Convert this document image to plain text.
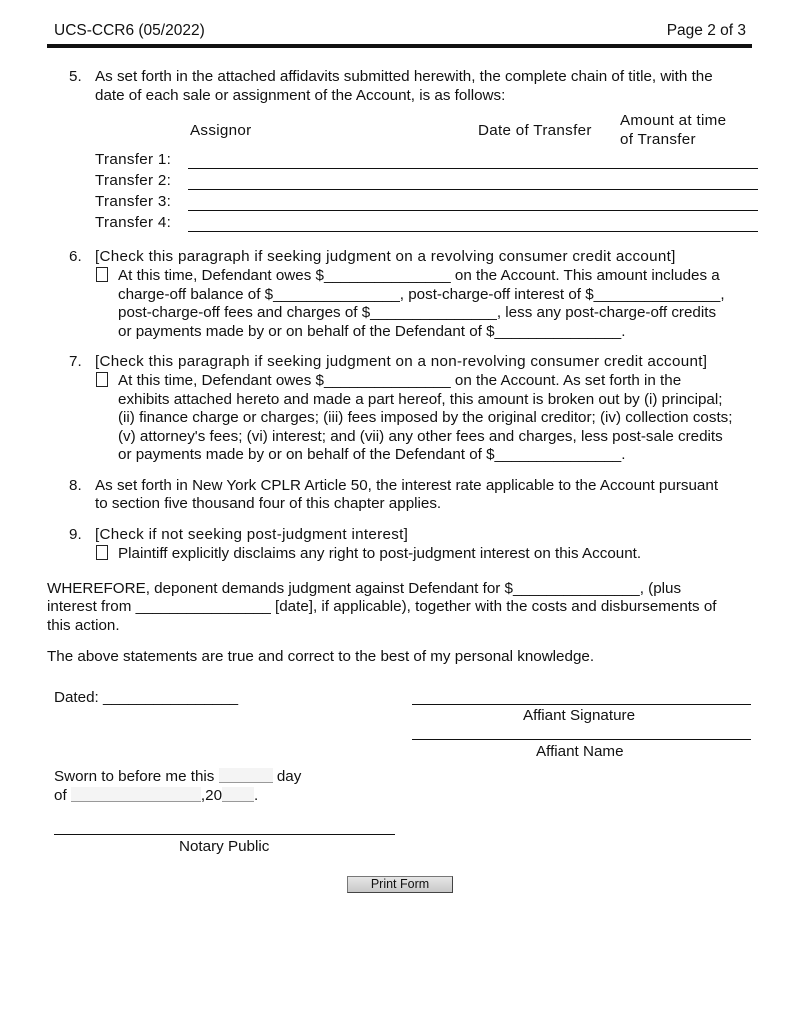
UCS-CCR6 (05/2022)	Page 2 of 3
5. As set forth in the attached affidavits submitted herewith, the complete chain of title, with the
date of each sale or assignment of the Account, is as follows:
Assignor	Date of Transfer
Amount at time
of Transfer
Transfer 1:
Transfer 2:
Transfer 3:
Transfer 4:
6. [Check this paragraph if seeking judgment on a revolving consumer credit account]
At this time, Defendant owes $_______________ on the Account. This amount includes a
charge-off balance of $_______________, post-charge-off interest of $_______________,
post-charge-off fees and charges of $_______________, less any post-charge-off credits
or payments made by or on behalf of the Defendant of $_______________.
7. [Check this paragraph if seeking judgment on a non-revolving consumer credit account]
At this time, Defendant owes $_______________ on the Account. As set forth in the
exhibits attached hereto and made a part hereof, this amount is broken out by (i) principal;
(ii) finance charge or charges; (iii) fees imposed by the original creditor; (iv) collection costs;
(v) attorney's fees; (vi) interest; and (vii) any other fees and charges, less post-sale credits
or payments made by or on behalf of the Defendant of $_______________.
8. As set forth in New York CPLR Article 50, the interest rate applicable to the Account pursuant
to section five thousand four of this chapter applies.
9. [Check if not seeking post-judgment interest]
Plaintiff explicitly disclaims any right to post-judgment interest on this Account.
WHEREFORE, deponent demands judgment against Defendant for $_______________, (plus
interest from ________________ [date], if applicable), together with the costs and disbursements of
this action.
The above statements are true and correct to the best of my personal knowledge.
Dated: ________________
Affiant Signature
Affiant Name
Sworn to before me this	day
of	,20 .
Notary Public
Print Form
